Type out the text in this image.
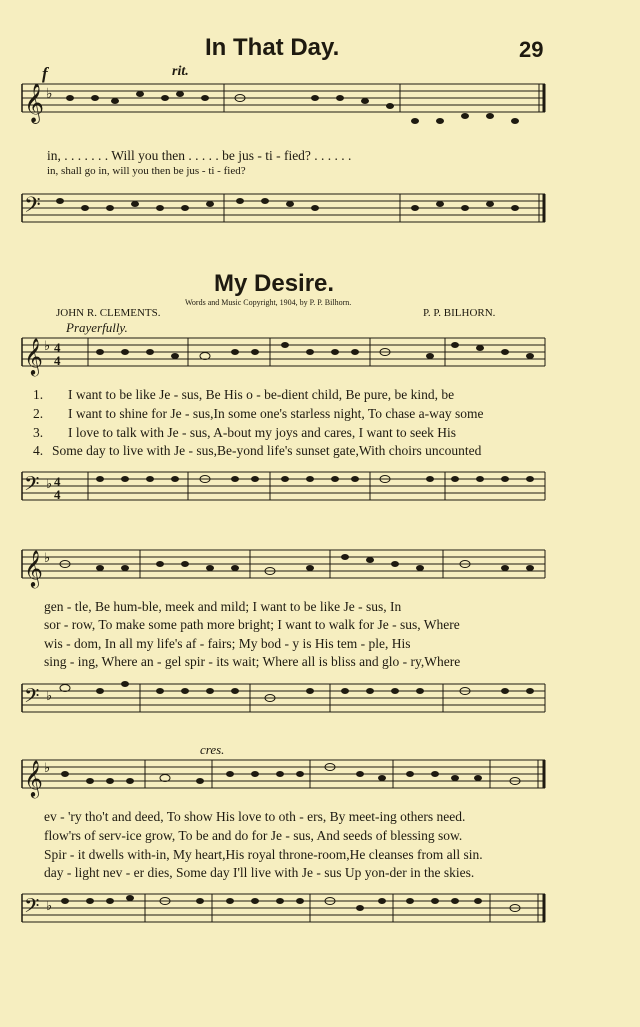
In That Day.	29
f	rit.
𝄞 ♭
in, . . . . . . . Will you then . . . . . be jus - ti - fied? . . . . . .
in, shall go in, will you then be jus - ti - fied?
𝄢
My Desire.
Words and Music Copyright, 1904, by P. P. Bilhorn.
JOHN R. CLEMENTS.	P. P. BILHORN.
Prayerfully.
𝄞 ♭ 4
4
1.
2.
3.
4.
I want to be like Je - sus, Be His o - be-dient child, Be pure, be kind, be
I want to shine for Je - sus,In some one's starless night, To chase a-way some
I love to talk with Je - sus, A-bout my joys and cares, I want to seek His
Some day to live with Je - sus,Be-yond life's sunset gate,With choirs uncounted
𝄢 ♭ 4
4
𝄞 ♭
gen - tle, Be hum-ble, meek and mild; I want to be like Je - sus, In
sor - row, To make some path more bright; I want to walk for Je - sus, Where
wis - dom, In all my life's af - fairs; My bod - y is His tem - ple, His
sing - ing, Where an - gel spir - its wait; Where all is bliss and glo - ry,Where
𝄢 ♭
cres.
𝄞 ♭
ev - 'ry tho't and deed, To show His love to oth - ers, By meet-ing others need.
flow'rs of serv-ice grow, To be and do for Je - sus, And seeds of blessing sow.
Spir - it dwells with-in, My heart,His royal throne-room,He cleanses from all sin.
day - light nev - er dies, Some day I'll live with Je - sus Up yon-der in the skies.
𝄢 ♭
